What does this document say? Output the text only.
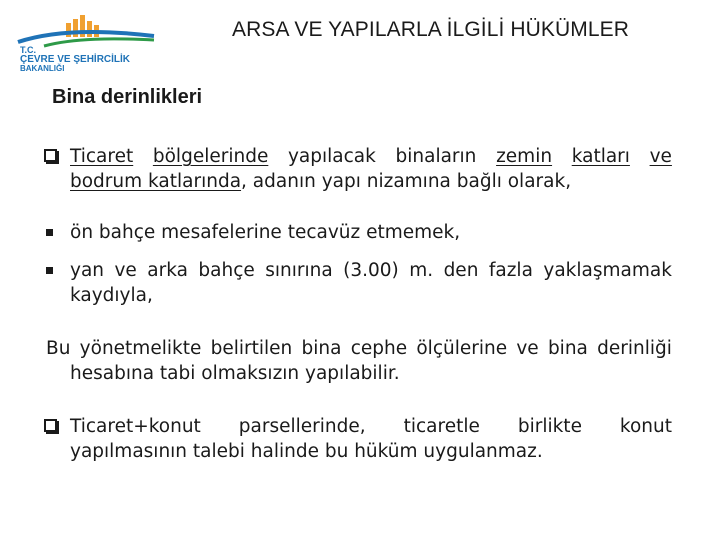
T.C.
ÇEVRE VE ŞEHİRCİLİK
BAKANLIĞI
ARSA VE YAPILARLA İLGİLİ HÜKÜMLER
Bina derinlikleri
Ticaret bölgelerinde yapılacak binaların zemin katları ve
bodrum katlarında, adanın yapı nizamına bağlı olarak,
ön bahçe mesafelerine tecavüz etmemek,
yan ve arka bahçe sınırına (3.00) m. den fazla yaklaşmamak
kaydıyla,
Bu yönetmelikte belirtilen bina cephe ölçülerine ve bina derinliği
hesabına tabi olmaksızın yapılabilir.
Ticaret+konut parsellerinde, ticaretle birlikte konut
yapılmasının talebi halinde bu hüküm uygulanmaz.
